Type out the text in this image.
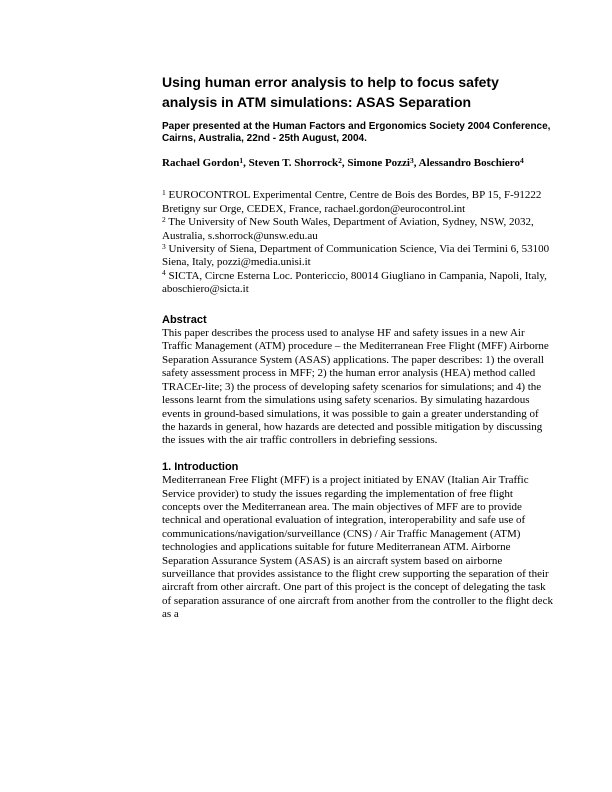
Using human error analysis to help to focus safety analysis in ATM simulations: ASAS Separation

Paper presented at the Human Factors and Ergonomics Society 2004 Conference, Cairns, Australia, 22nd - 25th August, 2004.

Rachael Gordon$^1$, Steven T. Shorrock$^2$, Simone Pozzi$^3$, Alessandro Boschiero$^4$

$^1$ EUROCONTROL Experimental Centre, Centre de Bois des Bordes, BP 15, F-91222 Bretigny sur Orge, CEDEX, France, rachael.gordon@eurocontrol.int

$^2$ The University of New South Wales, Department of Aviation, Sydney, NSW, 2032, Australia, s.shorrock@unsw.edu.au

$^3$ University of Siena, Department of Communication Science, Via dei Termini 6, 53100 Siena, Italy, pozzi@media.unisi.it

$^4$ SICTA, Circne Esterna Loc. Pontericcio, 80014 Giugliano in Campania, Napoli, Italy, aboschiero@sicta.it

Abstract

This paper describes the process used to analyse HF and safety issues in a new Air Traffic Management (ATM) procedure – the Mediterranean Free Flight (MFF) Airborne Separation Assurance System (ASAS) applications. The paper describes: 1) the overall safety assessment process in MFF; 2) the human error analysis (HEA) method called TRACEr-lite; 3) the process of developing safety scenarios for simulations; and 4) the lessons learnt from the simulations using safety scenarios. By simulating hazardous events in ground-based simulations, it was possible to gain a greater understanding of the hazards in general, how hazards are detected and possible mitigation by discussing the issues with the air traffic controllers in debriefing sessions.

1. Introduction

Mediterranean Free Flight (MFF) is a project initiated by ENAV (Italian Air Traffic Service provider) to study the issues regarding the implementation of free flight concepts over the Mediterranean area. The main objectives of MFF are to provide technical and operational evaluation of integration, interoperability and safe use of communications/navigation/surveillance (CNS) / Air Traffic Management (ATM) technologies and applications suitable for future Mediterranean ATM. Airborne Separation Assurance System (ASAS) is an aircraft system based on airborne surveillance that provides assistance to the flight crew supporting the separation of their aircraft from other aircraft. One part of this project is the concept of delegating the task of separation assurance of one aircraft from another from the controller to the flight deck as a
